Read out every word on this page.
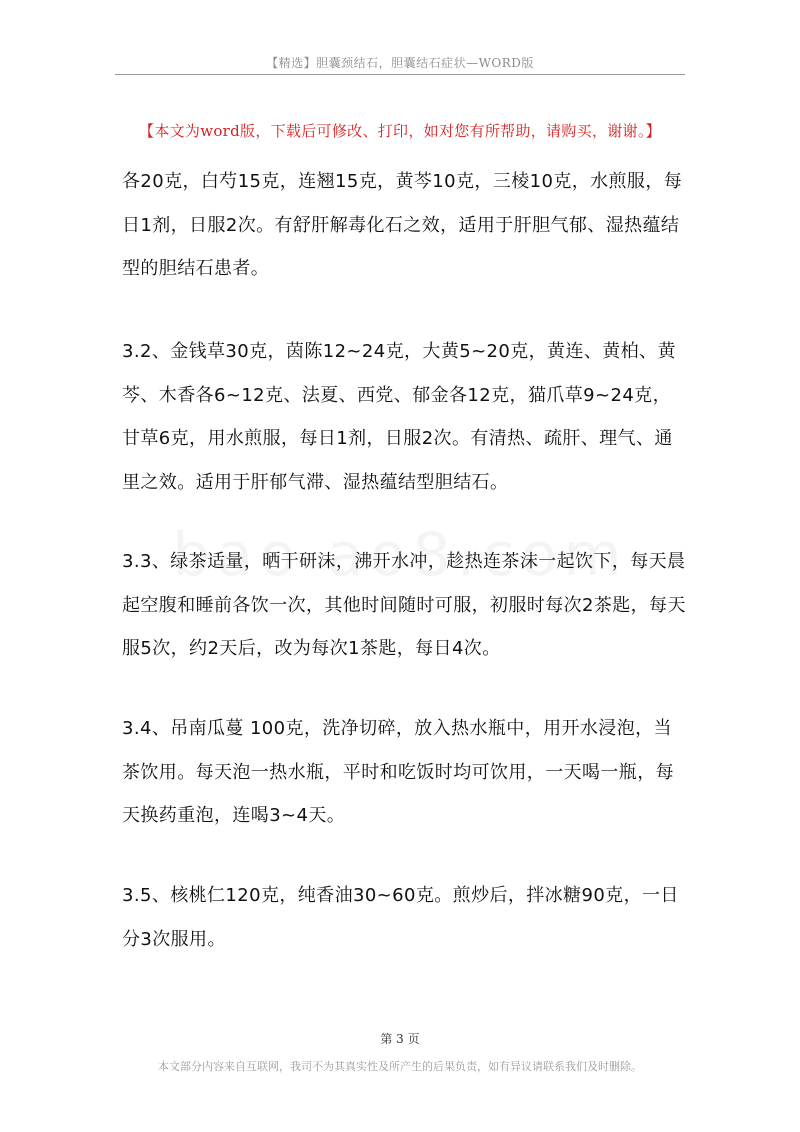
【精选】胆囊颈结石，胆囊结石症状—WORD版
【本文为word版，下载后可修改、打印，如对您有所帮助，请购买，谢谢。】

各20克，白芍15克，连翘15克，黄芩10克，三棱10克，水煎服，每日1剂，日服2次。有舒肝解毒化石之效，适用于肝胆气郁、湿热蕴结型的胆结石患者。

3.2、金钱草30克，茵陈12~24克，大黄5~20克，黄连、黄柏、黄芩、木香各6~12克、法夏、西党、郁金各12克，猫爪草9~24克，甘草6克，用水煎服，每日1剂，日服2次。有清热、疏肝、理气、通里之效。适用于肝郁气滞、湿热蕴结型胆结石。

3.3、绿茶适量，晒干研沫，沸开水冲，趁热连茶沫一起饮下，每天晨起空腹和睡前各饮一次，其他时间随时可服，初服时每次2茶匙，每天服5次，约2天后，改为每次1茶匙，每日4次。

3.4、吊南瓜蔓 100克，洗净切碎，放入热水瓶中，用开水浸泡，当茶饮用。每天泡一热水瓶，平时和吃饭时均可饮用，一天喝一瓶，每天换药重泡，连喝3~4天。

3.5、核桃仁120克，纯香油30~60克。煎炒后，拌冰糖90克，一日分3次服用。

第 3 页
本文部分内容来自互联网，我司不为其真实性及所产生的后果负责，如有异议请联系我们及时删除。
